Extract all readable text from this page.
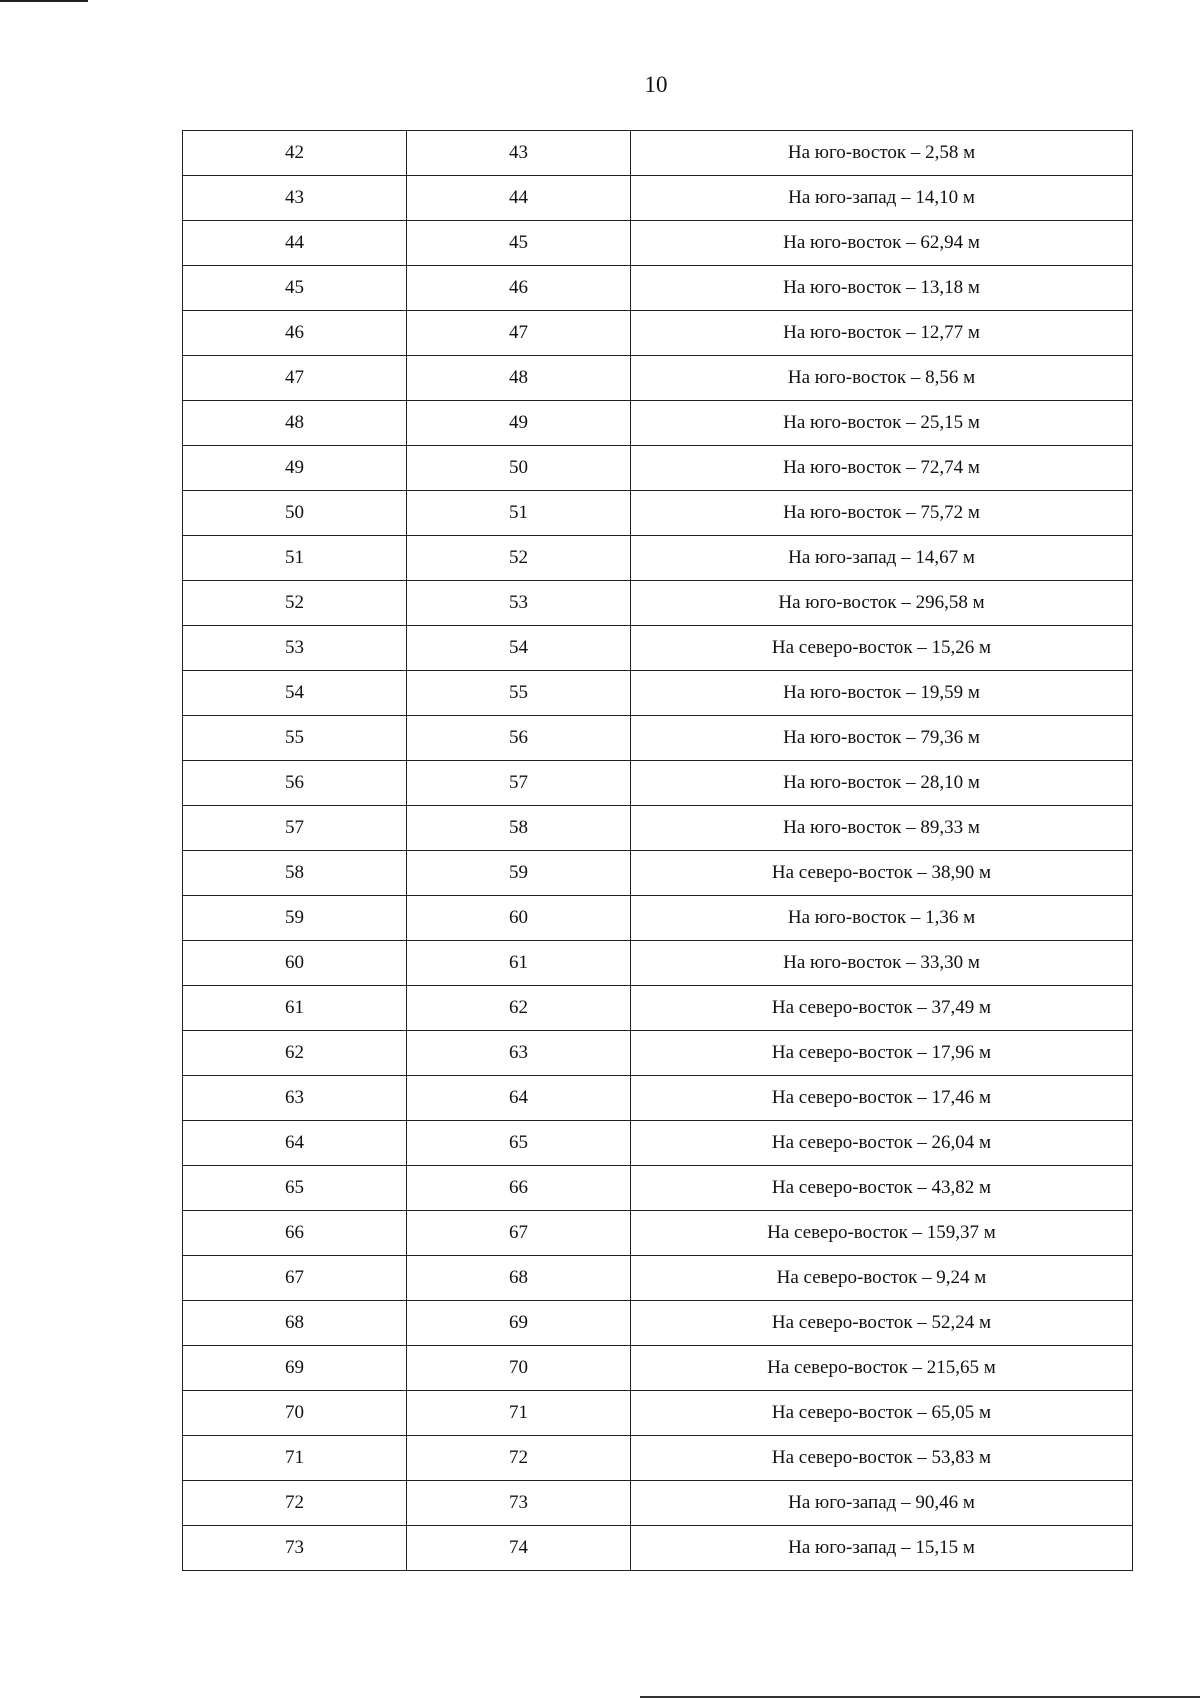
10
42	43	На юго-восток – 2,58 м
43	44	На юго-запад – 14,10 м
44	45	На юго-восток – 62,94 м
45	46	На юго-восток – 13,18 м
46	47	На юго-восток – 12,77 м
47	48	На юго-восток – 8,56 м
48	49	На юго-восток – 25,15 м
49	50	На юго-восток – 72,74 м
50	51	На юго-восток – 75,72 м
51	52	На юго-запад – 14,67 м
52	53	На юго-восток – 296,58 м
53	54	На северо-восток – 15,26 м
54	55	На юго-восток – 19,59 м
55	56	На юго-восток – 79,36 м
56	57	На юго-восток – 28,10 м
57	58	На юго-восток – 89,33 м
58	59	На северо-восток – 38,90 м
59	60	На юго-восток – 1,36 м
60	61	На юго-восток – 33,30 м
61	62	На северо-восток – 37,49 м
62	63	На северо-восток – 17,96 м
63	64	На северо-восток – 17,46 м
64	65	На северо-восток – 26,04 м
65	66	На северо-восток – 43,82 м
66	67	На северо-восток – 159,37 м
67	68	На северо-восток – 9,24 м
68	69	На северо-восток – 52,24 м
69	70	На северо-восток – 215,65 м
70	71	На северо-восток – 65,05 м
71	72	На северо-восток – 53,83 м
72	73	На юго-запад – 90,46 м
73	74	На юго-запад – 15,15 м
